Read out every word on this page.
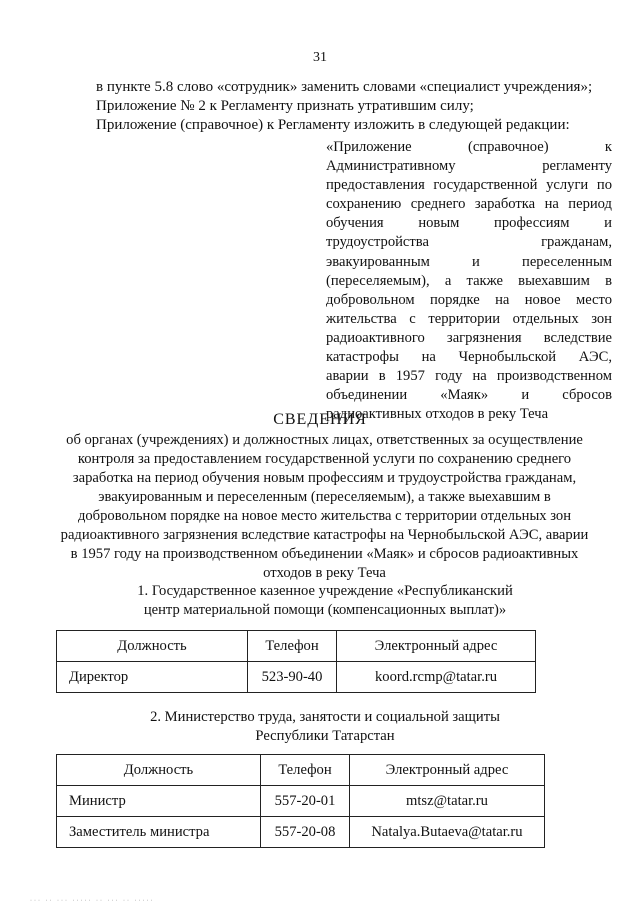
31

в пункте 5.8 слово «сотрудник» заменить словами «специалист учреждения»;

Приложение № 2 к Регламенту признать утратившим силу;

Приложение (справочное) к Регламенту изложить в следующей редакции:

«Приложение (справочное) к
Административному регламенту
предоставления государственной услуги по
сохранению среднего заработка на период
обучения новым профессиям и
трудоустройства гражданам,
эвакуированным и переселенным
(переселяемым), а также выехавшим в
добровольном порядке на новое место
жительства с территории отдельных зон
радиоактивного загрязнения вследствие
катастрофы на Чернобыльской АЭС,
аварии в 1957 году на производственном
объединении «Маяк» и сбросов
радиоактивных отходов в реку Теча
СВЕДЕНИЯ
об органах (учреждениях) и должностных лицах, ответственных за осуществление
контроля за предоставлением государственной услуги по сохранению среднего
заработка на период обучения новым профессиям и трудоустройства гражданам,
эвакуированным и переселенным (переселяемым), а также выехавшим в
добровольном порядке на новое место жительства с территории отдельных зон
радиоактивного загрязнения вследствие катастрофы на Чернобыльской АЭС, аварии
в 1957 году на производственном объединении «Маяк» и сбросов радиоактивных
отходов в реку Теча
1. Государственное казенное учреждение «Республиканский
центр материальной помощи (компенсационных выплат)»
Должность	Телефон	Электронный адрес
Директор	523-90-40	koord.rcmp@tatar.ru
2. Министерство труда, занятости и социальной защиты
Республики Татарстан
Должность	Телефон	Электронный адрес
Министр	557-20-01	mtsz@tatar.ru
Заместитель министра	557-20-08	Natalya.Butaeva@tatar.ru
··· ·· ··· ····· ·· ··· ·· ·····
